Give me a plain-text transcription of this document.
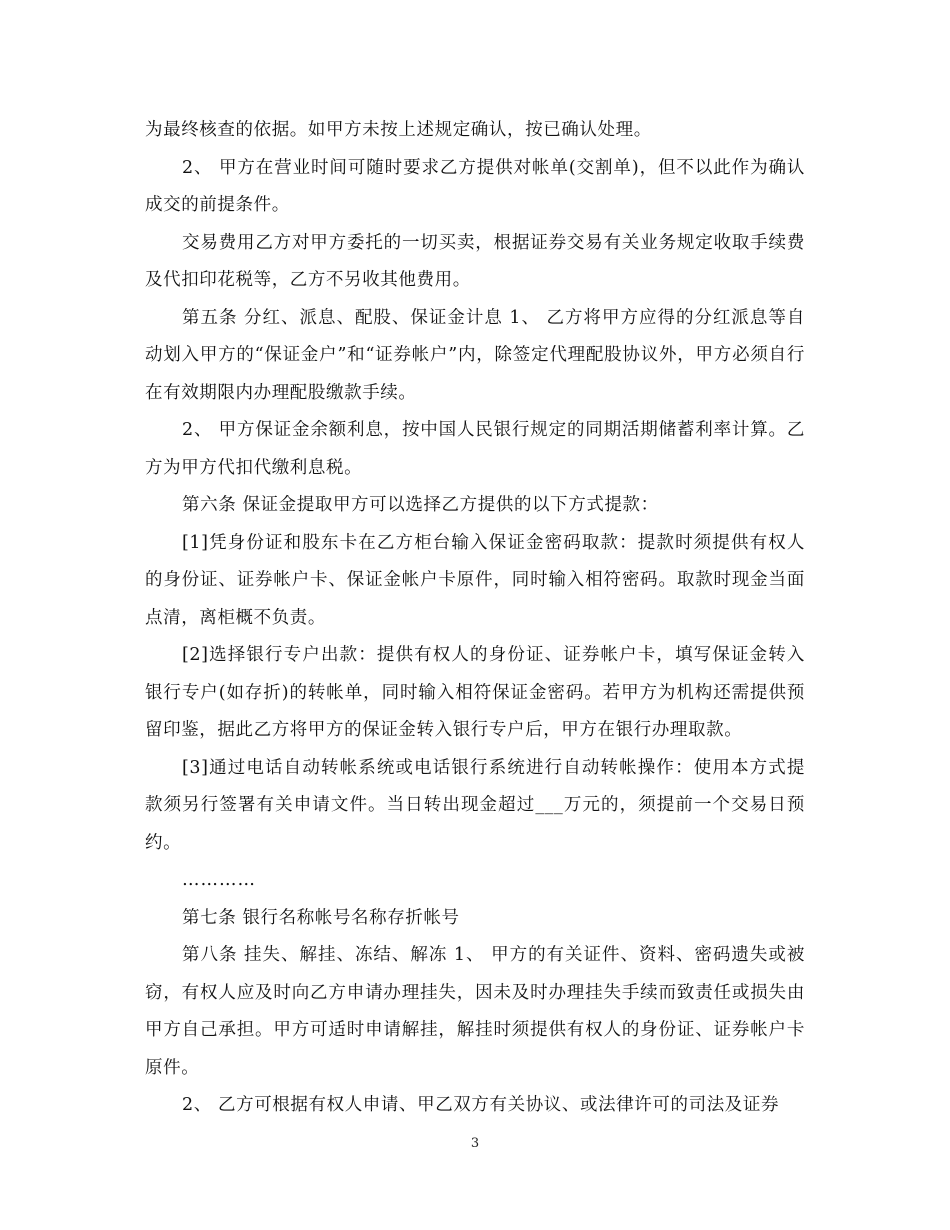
为最终核查的依据。如甲方未按上述规定确认，按已确认处理。

2、 甲方在营业时间可随时要求乙方提供对帐单(交割单)，但不以此作为确认成交的前提条件。

交易费用乙方对甲方委托的一切买卖，根据证券交易有关业务规定收取手续费及代扣印花税等，乙方不另收其他费用。

第五条 分红、派息、配股、保证金计息 1、 乙方将甲方应得的分红派息等自动划入甲方的“保证金户”和“证券帐户”内，除签定代理配股协议外，甲方必须自行在有效期限内办理配股缴款手续。

2、 甲方保证金余额利息，按中国人民银行规定的同期活期储蓄利率计算。乙方为甲方代扣代缴利息税。

第六条 保证金提取甲方可以选择乙方提供的以下方式提款：

[1]凭身份证和股东卡在乙方柜台输入保证金密码取款：提款时须提供有权人的身份证、证券帐户卡、保证金帐户卡原件，同时输入相符密码。取款时现金当面点清，离柜概不负责。

[2]选择银行专户出款：提供有权人的身份证、证券帐户卡，填写保证金转入银行专户(如存折)的转帐单，同时输入相符保证金密码。若甲方为机构还需提供预留印鉴，据此乙方将甲方的保证金转入银行专户后，甲方在银行办理取款。

[3]通过电话自动转帐系统或电话银行系统进行自动转帐操作：使用本方式提款须另行签署有关申请文件。当日转出现金超过___万元的，须提前一个交易日预约。

…………

第七条 银行名称帐号名称存折帐号

第八条 挂失、解挂、冻结、解冻 1、 甲方的有关证件、资料、密码遗失或被窃，有权人应及时向乙方申请办理挂失，因未及时办理挂失手续而致责任或损失由甲方自己承担。甲方可适时申请解挂，解挂时须提供有权人的身份证、证券帐户卡原件。

2、 乙方可根据有权人申请、甲乙双方有关协议、或法律许可的司法及证券

3
